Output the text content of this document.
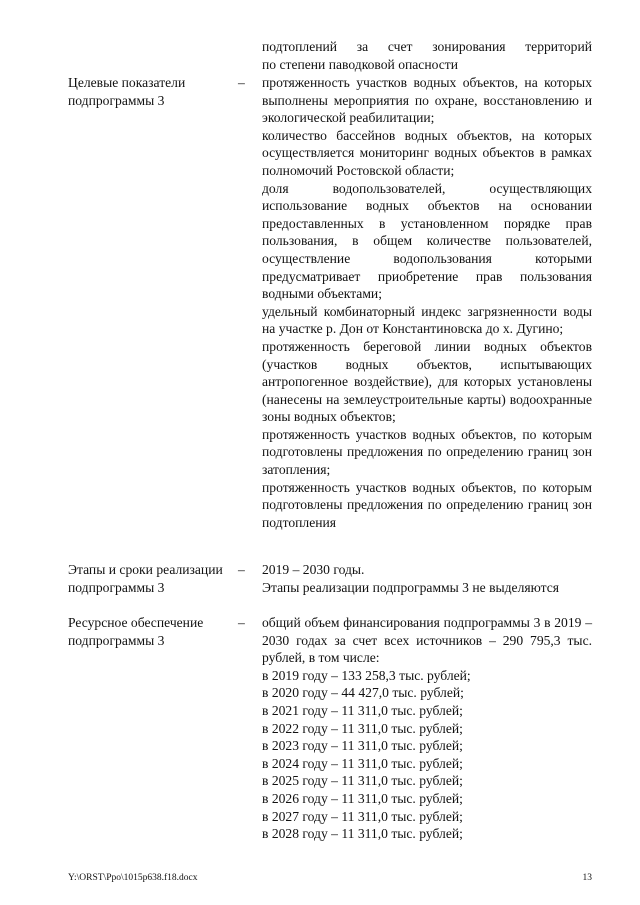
подтоплений за счет зонирования территорий

по степени паводковой опасности

Целевые показатели подпрограммы 3
– протяженность участков водных объектов, на которых выполнены мероприятия по охране, восстановлению и экологической реабилитации;

количество бассейнов водных объектов, на которых осуществляется мониторинг водных объектов в рамках полномочий Ростовской области;

доля водопользователей, осуществляющих использование водных объектов на основании предоставленных в установленном порядке прав пользования, в общем количестве пользователей, осуществление водопользования которыми предусматривает приобретение прав пользования водными объектами;

удельный комбинаторный индекс загрязненности воды на участке р. Дон от Константиновска до х. Дугино;

протяженность береговой линии водных объектов (участков водных объектов, испытывающих антропогенное воздействие), для которых установлены (нанесены на землеустроительные карты) водоохранные зоны водных объектов;

протяженность участков водных объектов, по которым подготовлены предложения по определению границ зон затопления;

протяженность участков водных объектов, по которым подготовлены предложения по определению границ зон подтопления

Этапы и сроки реализации подпрограммы 3
– 2019 – 2030 годы.

Этапы реализации подпрограммы 3 не выделяются

Ресурсное обеспечение подпрограммы 3
– общий объем финансирования подпрограммы 3 в 2019 – 2030 годах за счет всех источников – 290 795,3 тыс. рублей, в том числе:

в 2019 году – 133 258,3 тыс. рублей;

в 2020 году – 44 427,0 тыс. рублей;

в 2021 году – 11 311,0 тыс. рублей;

в 2022 году – 11 311,0 тыс. рублей;

в 2023 году – 11 311,0 тыс. рублей;

в 2024 году – 11 311,0 тыс. рублей;

в 2025 году – 11 311,0 тыс. рублей;

в 2026 году – 11 311,0 тыс. рублей;

в 2027 году – 11 311,0 тыс. рублей;

в 2028 году – 11 311,0 тыс. рублей;

Y:\ORST\Ppo\1015p638.f18.docx	13
